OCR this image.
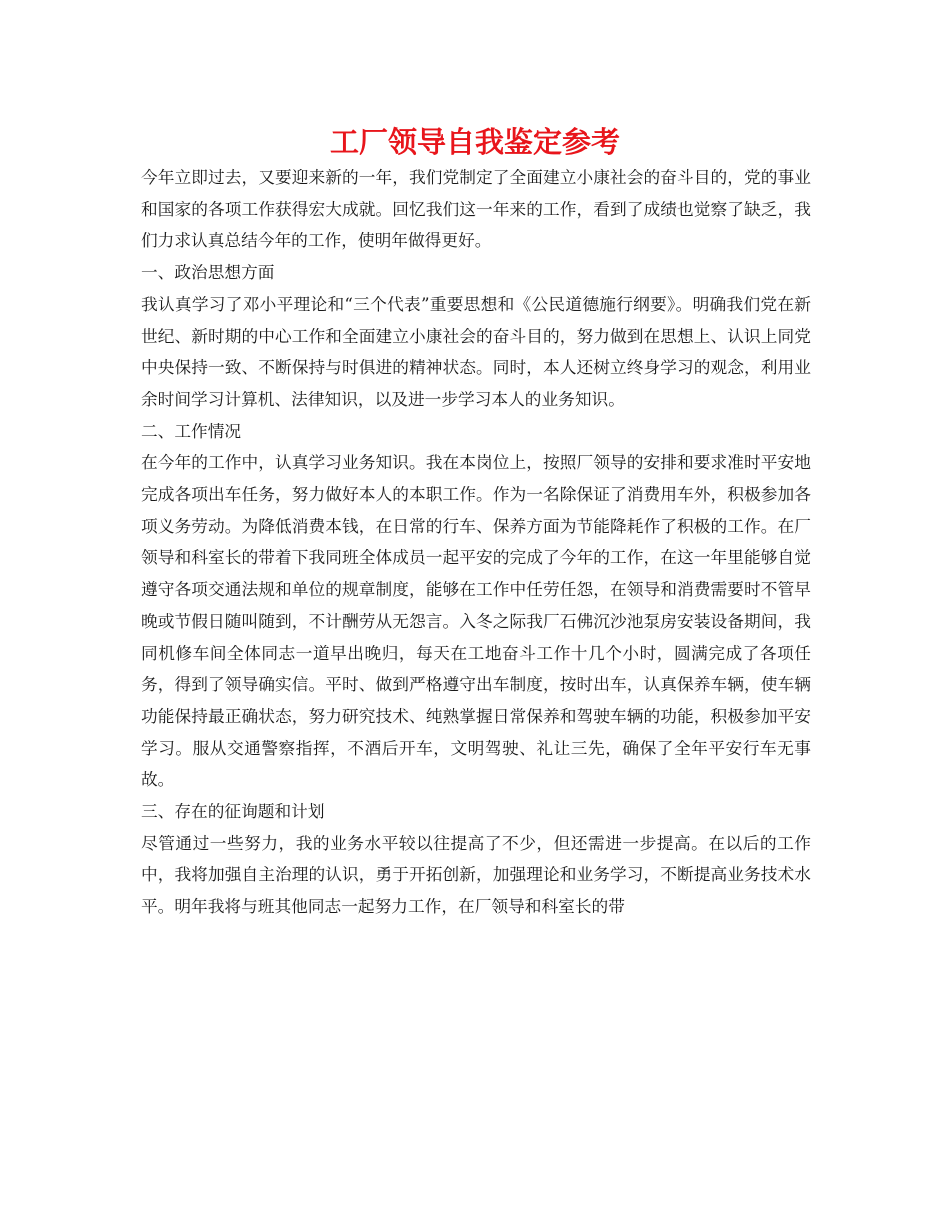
工厂领导自我鉴定参考

今年立即过去，又要迎来新的一年，我们党制定了全面建立小康社会的奋斗目的，党的事业和国家的各项工作获得宏大成就。回忆我们这一年来的工作，看到了成绩也觉察了缺乏，我们力求认真总结今年的工作，使明年做得更好。

一、政治思想方面

我认真学习了邓小平理论和“三个代表”重要思想和《公民道德施行纲要》。明确我们党在新世纪、新时期的中心工作和全面建立小康社会的奋斗目的，努力做到在思想上、认识上同党中央保持一致、不断保持与时俱进的精神状态。同时，本人还树立终身学习的观念，利用业余时间学习计算机、法律知识，以及进一步学习本人的业务知识。

二、工作情况

在今年的工作中，认真学习业务知识。我在本岗位上，按照厂领导的安排和要求准时平安地完成各项出车任务，努力做好本人的本职工作。作为一名除保证了消费用车外，积极参加各项义务劳动。为降低消费本钱，在日常的行车、保养方面为节能降耗作了积极的工作。在厂领导和科室长的带着下我同班全体成员一起平安的完成了今年的工作，在这一年里能够自觉遵守各项交通法规和单位的规章制度，能够在工作中任劳任怨，在领导和消费需要时不管早晚或节假日随叫随到，不计酬劳从无怨言。入冬之际我厂石佛沉沙池泵房安装设备期间，我同机修车间全体同志一道早出晚归，每天在工地奋斗工作十几个小时，圆满完成了各项任务，得到了领导确实信。平时、做到严格遵守出车制度，按时出车，认真保养车辆，使车辆功能保持最正确状态，努力研究技术、纯熟掌握日常保养和驾驶车辆的功能，积极参加平安学习。服从交通警察指挥，不酒后开车，文明驾驶、礼让三先，确保了全年平安行车无事故。

三、存在的征询题和计划

尽管通过一些努力，我的业务水平较以往提高了不少，但还需进一步提高。在以后的工作中，我将加强自主治理的认识，勇于开拓创新，加强理论和业务学习，不断提高业务技术水平。明年我将与班其他同志一起努力工作，在厂领导和科室长的带
